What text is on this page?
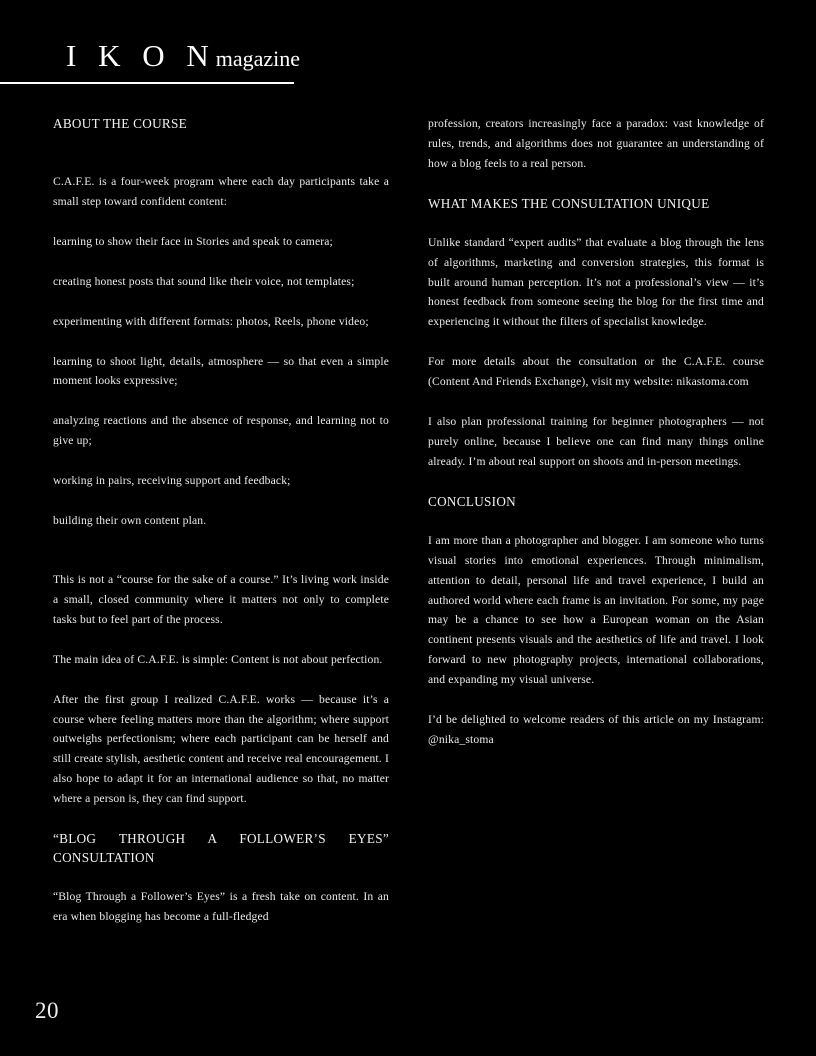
I K O Nmagazine
ABOUT THE COURSE

C.A.F.E. is a four-week program where each day participants take a small step toward confident content:

learning to show their face in Stories and speak to camera;

creating honest posts that sound like their voice, not templates;

experimenting with different formats: photos, Reels, phone video;

learning to shoot light, details, atmosphere — so that even a simple moment looks expressive;

analyzing reactions and the absence of response, and learning not to give up;

working in pairs, receiving support and feedback;

building their own content plan.

This is not a “course for the sake of a course.” It’s living work inside a small, closed community where it matters not only to complete tasks but to feel part of the process.

The main idea of C.A.F.E. is simple: Content is not about perfection.

After the first group I realized C.A.F.E. works — because it’s a course where feeling matters more than the algorithm; where support outweighs perfectionism; where each participant can be herself and still create stylish, aesthetic content and receive real encouragement. I also hope to adapt it for an international audience so that, no matter where a person is, they can find support.

“BLOG THROUGH A FOLLOWER’S EYES”
CONSULTATION

“Blog Through a Follower’s Eyes” is a fresh take on content. In an era when blogging has become a full-fledged

profession, creators increasingly face a paradox: vast knowledge of rules, trends, and algorithms does not guarantee an understanding of how a blog feels to a real person.

WHAT MAKES THE CONSULTATION UNIQUE

Unlike standard “expert audits” that evaluate a blog through the lens of algorithms, marketing and conversion strategies, this format is built around human perception. It’s not a professional’s view — it’s honest feedback from someone seeing the blog for the first time and experiencing it without the filters of specialist knowledge.

For more details about the consultation or the C.A.F.E. course (Content And Friends Exchange), visit my website: nikastoma.com

I also plan professional training for beginner photographers — not purely online, because I believe one can find many things online already. I’m about real support on shoots and in-person meetings.

CONCLUSION

I am more than a photographer and blogger. I am someone who turns visual stories into emotional experiences. Through minimalism, attention to detail, personal life and travel experience, I build an authored world where each frame is an invitation. For some, my page may be a chance to see how a European woman on the Asian continent presents visuals and the aesthetics of life and travel. I look forward to new photography projects, international collaborations, and expanding my visual universe.

I’d be delighted to welcome readers of this article on my Instagram: @nika_stoma

20
